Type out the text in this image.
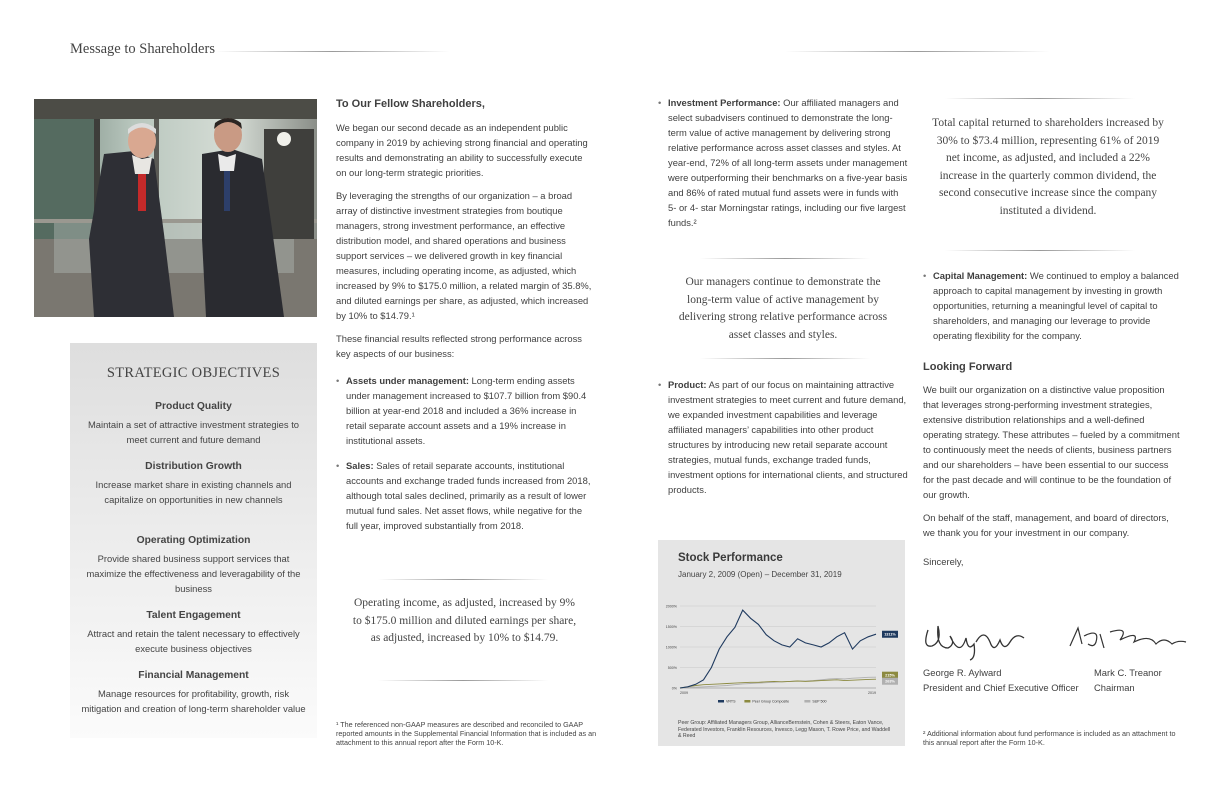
Message to Shareholders
STRATEGIC OBJECTIVES
Product Quality
Maintain a set of attractive investment strategies to meet current and future demand
Distribution Growth
Increase market share in existing channels and capitalize on opportunities in new channels
Operating Optimization
Provide shared business support services that maximize the effectiveness and leveragability of the business
Talent Engagement
Attract and retain the talent necessary to effectively execute business objectives
Financial Management
Manage resources for profitability, growth, risk mitigation and creation of long-term shareholder value
To Our Fellow Shareholders,

We began our second decade as an independent public company in 2019 by achieving strong financial and operating results and demonstrating an ability to successfully execute on our long-term strategic priorities.

By leveraging the strengths of our organization – a broad array of distinctive investment strategies from boutique managers, strong investment performance, an effective distribution model, and shared operations and business support services – we delivered growth in key financial measures, including operating income, as adjusted, which increased by 9% to $175.0 million, a related margin of 35.8%, and diluted earnings per share, as adjusted, which increased by 10% to $14.79.¹

These financial results reflected strong performance across key aspects of our business:

• Assets under management: Long-term ending assets under management increased to $107.7 billion from $90.4 billion at year-end 2018 and included a 36% increase in retail separate account assets and a 19% increase in institutional assets.
• Sales: Sales of retail separate accounts, institutional accounts and exchange traded funds increased from 2018, although total sales declined, primarily as a result of lower mutual fund sales. Net asset flows, while negative for the full year, improved substantially from 2018.
Operating income, as adjusted, increased by 9% to $175.0 million and diluted earnings per share, as adjusted, increased by 10% to $14.79.
¹ The referenced non-GAAP measures are described and reconciled to GAAP reported amounts in the Supplemental Financial Information that is included as an attachment to this annual report after the Form 10-K.
• Investment Performance: Our affiliated managers and select subadvisers continued to demonstrate the long-term value of active management by delivering strong relative performance across asset classes and styles. At year-end, 72% of all long-term assets under management were outperforming their benchmarks on a five-year basis and 86% of rated mutual fund assets were in funds with 5- or 4- star Morningstar ratings, including our five largest funds.²
Our managers continue to demonstrate the long-term value of active management by delivering strong relative performance across asset classes and styles.
• Product: As part of our focus on maintaining attractive investment strategies to meet current and future demand, we expanded investment capabilities and leverage affiliated managers’ capabilities into other product structures by introducing new retail separate account strategies, mutual funds, exchange traded funds, investment options for international clients, and structured products.
Stock Performance
January 2, 2009 (Open) – December 31, 2019
2000%
1500%
1000%
500%
0%
2009	2019
1311%
215%
263%
VRTS	Peer Group Composite	S&P 500
Peer Group: Affiliated Managers Group, AllianceBernstein, Cohen & Steers, Eaton Vance, Federated Investors, Franklin Resources, Invesco, Legg Mason, T. Rowe Price, and Waddell & Reed
Total capital returned to shareholders increased by 30% to $73.4 million, representing 61% of 2019 net income, as adjusted, and included a 22% increase in the quarterly common dividend, the second consecutive increase since the company instituted a dividend.
• Capital Management: We continued to employ a balanced approach to capital management by investing in growth opportunities, returning a meaningful level of capital to shareholders, and managing our leverage to provide operating flexibility for the company.
Looking Forward

We built our organization on a distinctive value proposition that leverages strong-performing investment strategies, extensive distribution relationships and a well-defined operating strategy. These attributes – fueled by a commitment to continuously meet the needs of clients, business partners and our shareholders – have been essential to our success for the past decade and will continue to be the foundation of our growth.

On behalf of the staff, management, and board of directors, we thank you for your investment in our company.

Sincerely,

George R. Aylward
President and Chief Executive Officer
Mark C. Treanor
Chairman
² Additional information about fund performance is included as an attachment to this annual report after the Form 10-K.
